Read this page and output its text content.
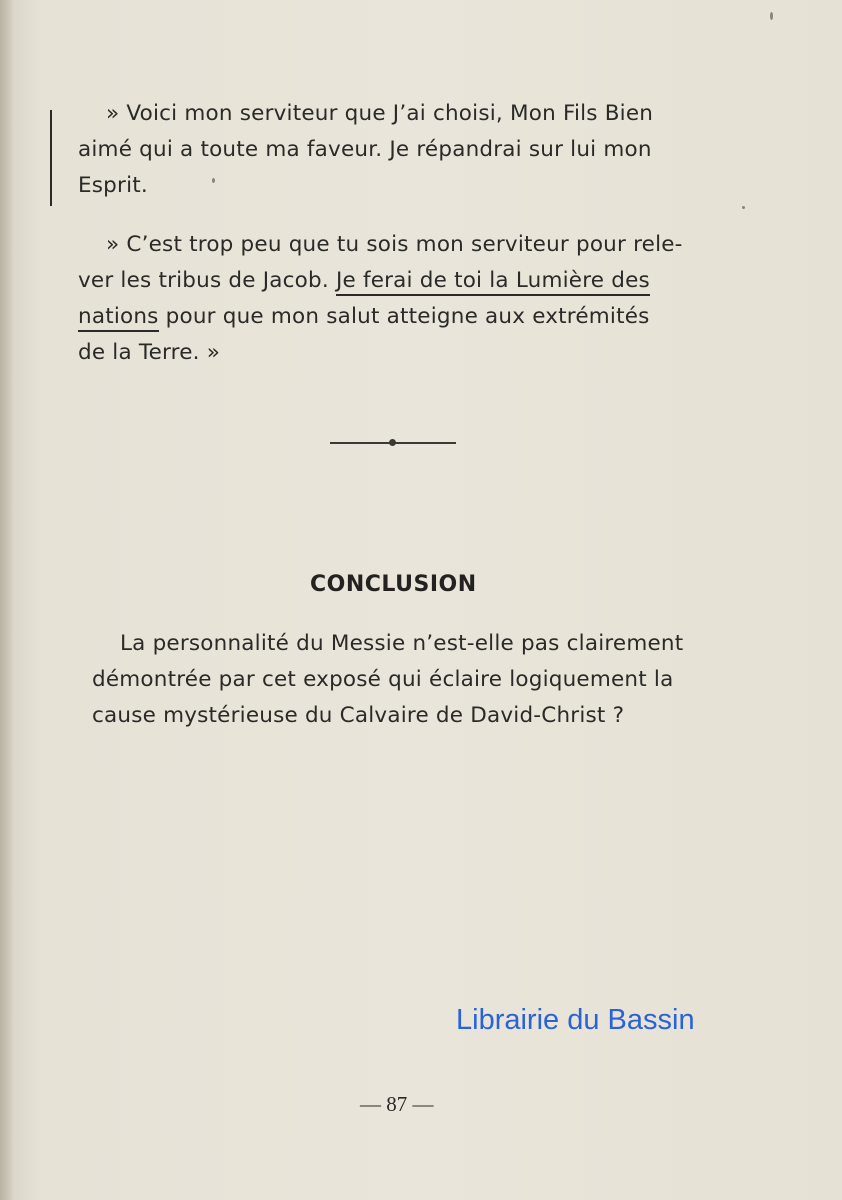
» Voici mon serviteur que J’ai choisi, Mon Fils Bien
aimé qui a toute ma faveur. Je répandrai sur lui mon
Esprit.

» C’est trop peu que tu sois mon serviteur pour rele-
ver les tribus de Jacob. Je ferai de toi la Lumière des
nations pour que mon salut atteigne aux extrémités
de la Terre. »

CONCLUSION

La personnalité du Messie n’est-elle pas clairement
démontrée par cet exposé qui éclaire logiquement la
cause mystérieuse du Calvaire de David-Christ ?

Librairie du Bassin
— 87 —
